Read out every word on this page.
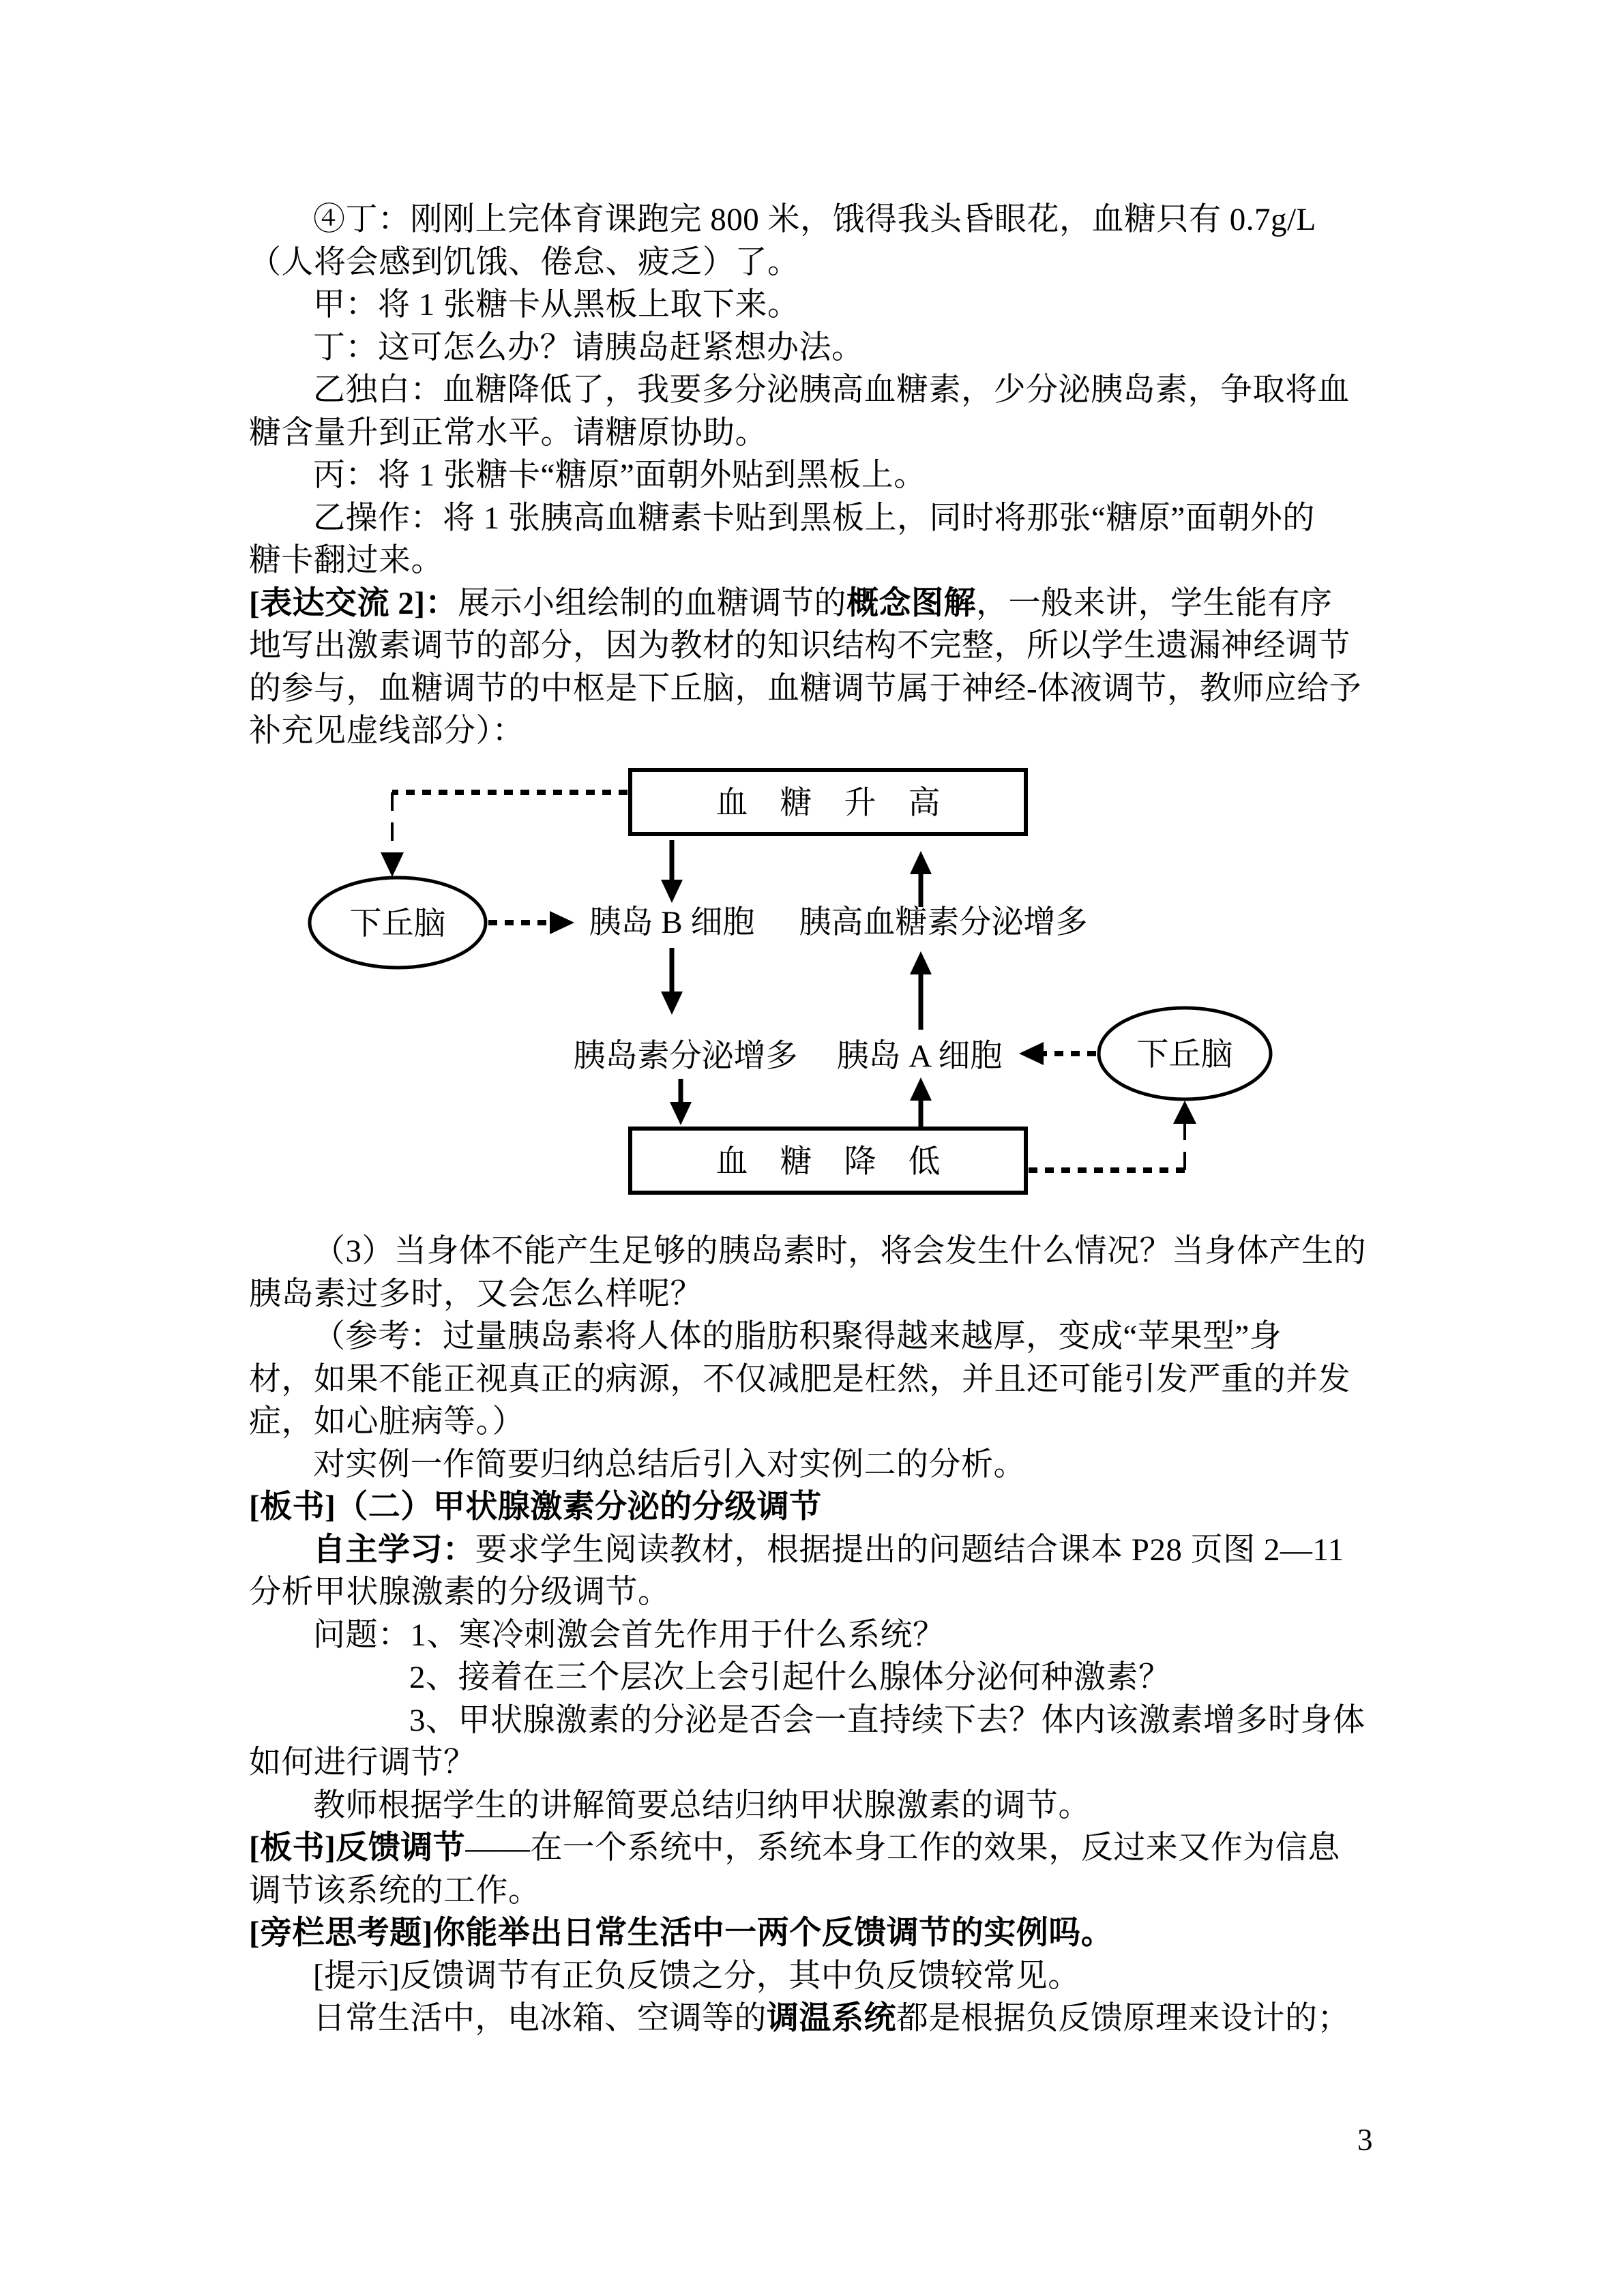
④丁：刚刚上完体育课跑完 800 米，饿得我头昏眼花，血糖只有 0.7g/L
（人将会感到饥饿、倦怠、疲乏）了。
甲：将 1 张糖卡从黑板上取下来。
丁：这可怎么办？请胰岛赶紧想办法。
乙独白：血糖降低了，我要多分泌胰高血糖素，少分泌胰岛素，争取将血
糖含量升到正常水平。请糖原协助。
丙：将 1 张糖卡“糖原”面朝外贴到黑板上。
乙操作：将 1 张胰高血糖素卡贴到黑板上，同时将那张“糖原”面朝外的
糖卡翻过来。
[表达交流 2]：展示小组绘制的血糖调节的概念图解，一般来讲，学生能有序
地写出激素调节的部分，因为教材的知识结构不完整，所以学生遗漏神经调节
的参与，血糖调节的中枢是下丘脑，血糖调节属于神经-体液调节，教师应给予
补充见虚线部分）：
血　糖　升　高
下丘脑	胰岛 B 细胞 胰高血糖素分泌增多
胰岛素分泌增多 胰岛 A 细胞	下丘脑
血　糖　降　低
（3）当身体不能产生足够的胰岛素时，将会发生什么情况？当身体产生的
胰岛素过多时，又会怎么样呢？
（参考：过量胰岛素将人体的脂肪积聚得越来越厚，变成“苹果型”身
材，如果不能正视真正的病源，不仅减肥是枉然，并且还可能引发严重的并发
症，如心脏病等。）
对实例一作简要归纳总结后引入对实例二的分析。
[板书]（二）甲状腺激素分泌的分级调节
自主学习：要求学生阅读教材，根据提出的问题结合课本 P28 页图 2—11
分析甲状腺激素的分级调节。
问题：1、寒冷刺激会首先作用于什么系统？
2、接着在三个层次上会引起什么腺体分泌何种激素？
3、甲状腺激素的分泌是否会一直持续下去？体内该激素增多时身体
如何进行调节？
教师根据学生的讲解简要总结归纳甲状腺激素的调节。
[板书]反馈调节——在一个系统中，系统本身工作的效果，反过来又作为信息
调节该系统的工作。
[旁栏思考题]你能举出日常生活中一两个反馈调节的实例吗。
[提示]反馈调节有正负反馈之分，其中负反馈较常见。
日常生活中，电冰箱、空调等的调温系统都是根据负反馈原理来设计的；
3
